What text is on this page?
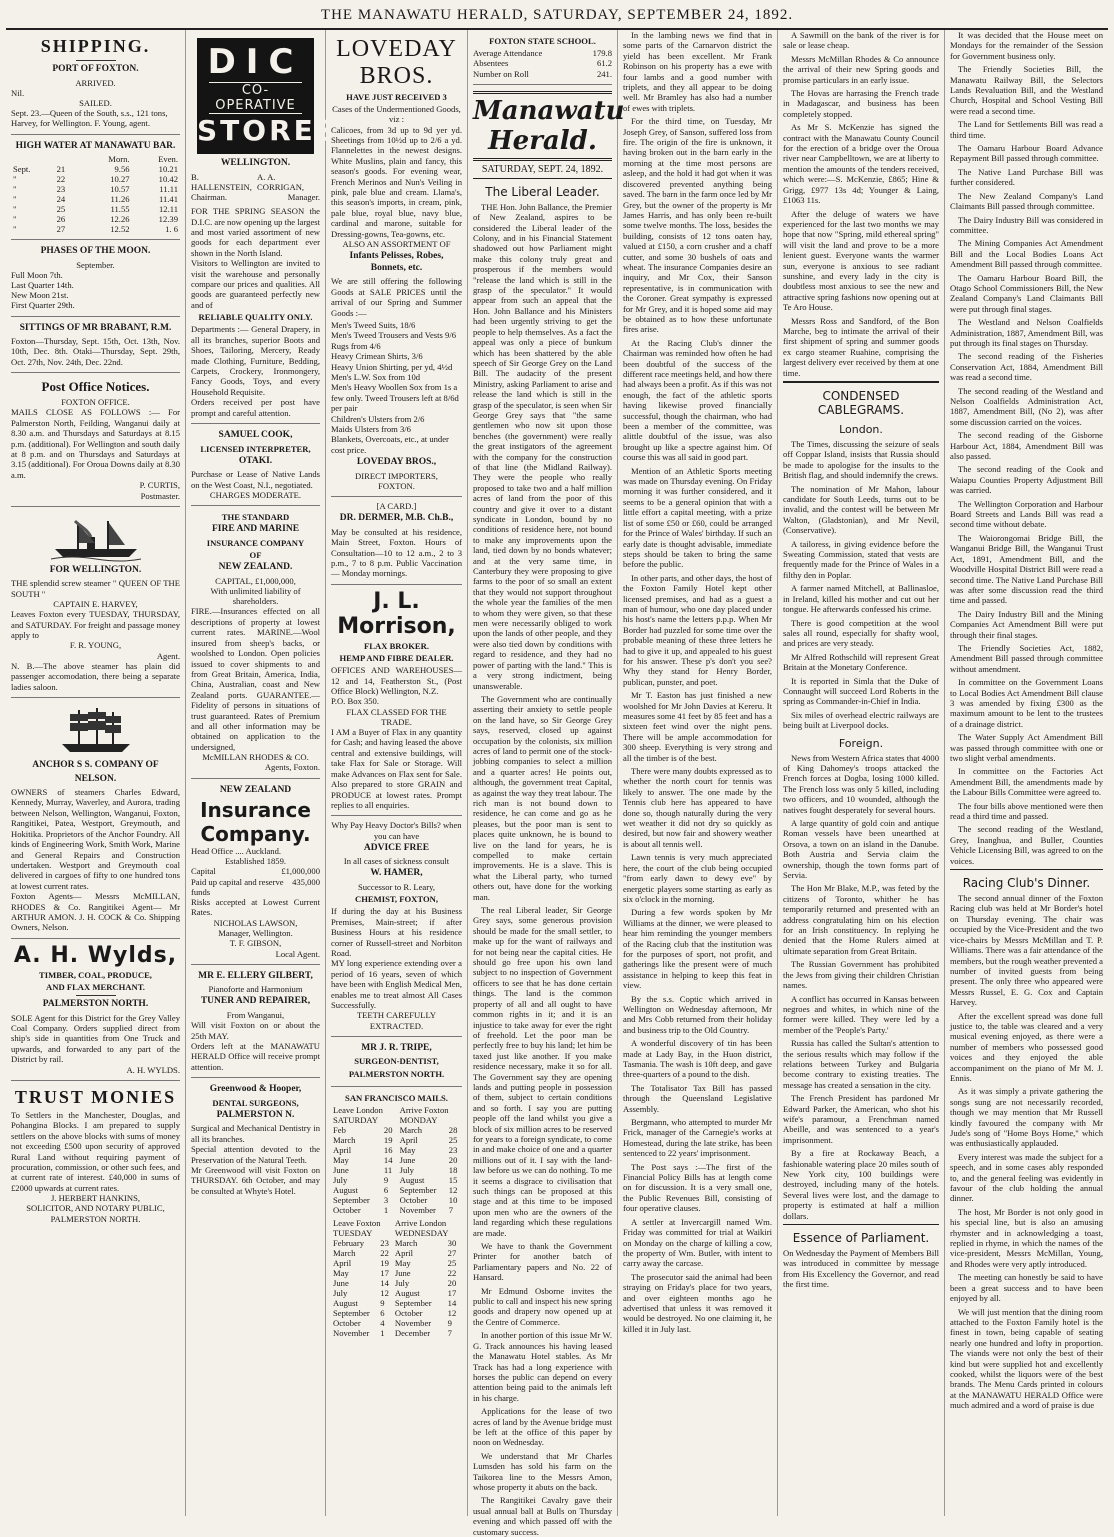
THE MANAWATU HERALD, SATURDAY, SEPTEMBER 24, 1892.
SHIPPING.
PORT OF FOXTON.
ARRIVED.
Nil.
SAILED.
Sept. 23.—Queen of the South, s.s., 121 tons, Harvey, for Wellington. F. Young, agent.
HIGH WATER AT MANAWATU BAR.
		Morn.	Even.
Sept.	21	9.56	10.21
"	22	10.27	10.42
"	23	10.57	11.11
"	24	11.26	11.41
"	25	11.55	12.11
"	26	12.26	12.39
"	27	12.52	1. 6
PHASES OF THE MOON.
September.
Full Moon 7th.
Last Quarter 14th.
New Moon 21st.
First Quarter 29th.
SITTINGS OF MR BRABANT, R.M.
Foxton—Thursday, Sept. 15th, Oct. 13th, Nov. 10th, Dec. 8th. Otaki—Thursday, Sept. 29th, Oct. 27th, Nov. 24th, Dec. 22nd.
Post Office Notices.
FOXTON OFFICE.
MAILS CLOSE AS FOLLOWS :— For Palmerston North, Feilding, Wanganui daily at 8.30 a.m. and Thursdays and Saturdays at 8.15 p.m. (additional). For Wellington and south daily at 8 p.m. and on Thursdays and Saturdays at 3.15 (additional). For Oroua Downs daily at 8.30 a.m.
P. CURTIS,
Postmaster.
FOR WELLINGTON.
THE splendid screw steamer " QUEEN OF THE SOUTH "
CAPTAIN E. HARVEY,
Leaves Foxton every TUESDAY, THURSDAY, and SATURDAY. For freight and passage money apply to
F. R. YOUNG,
Agent.
N. B.—The above steamer has plain did passenger accomodation, there being a separate ladies saloon.
ANCHOR S S. COMPANY OF
NELSON.
OWNERS of steamers Charles Edward, Kennedy, Murray, Waverley, and Aurora, trading between Nelson, Wellington, Wanganui, Foxton, Rangitikei, Patea, Westport, Greymouth, and Hokitika. Proprietors of the Anchor Foundry. All kinds of Engineering Work, Smith Work, Marine and General Repairs and Construction undertaken. Westport and Greymouth coal delivered in cargoes of fifty to one hundred tons at lowest current rates.
Foxton Agents— Messrs McMILLAN, RHODES & Co. Rangitikei Agent— Mr ARTHUR AMON. J. H. COCK & Co. Shipping Owners, Nelson.
A. H. Wylds,
TIMBER, COAL, PRODUCE,
AND FLAX MERCHANT.
PALMERSTON NORTH.
SOLE Agent for this District for the Grey Valley Coal Company. Orders supplied direct from ship's side in quantities from One Truck and upwards, and forwarded to any part of the District by rail.
A. H. WYLDS.
TRUST MONIES
To Settlers in the Manchester, Douglas, and Pohangina Blocks. I am prepared to supply settlers on the above blocks with sums of money not exceeding £500 upon security of approved Rural Land without requiring payment of procuration, commission, or other such fees, and at current rate of interest. £40,000 in sums of £2000 upwards at current rates.
J. HERBERT HANKINS,
SOLICITOR, AND NOTARY PUBLIC, PALMERSTON NORTH.
DIC
CO-OPERATIVE
STORES
WELLINGTON.
B. HALLENSTEIN,
A. A. CORRIGAN,
Chairman.	Manager.
FOR THE SPRING SEASON the D.I.C. are now opening up the largest and most varied assortment of new goods for each department ever shown in the North Island.
Visitors to Wellington are invited to visit the warehouse and personally compare our prices and qualities. All goods are guaranteed perfectly new and of
RELIABLE QUALITY ONLY.
Departments :— General Drapery, in all its branches, superior Boots and Shoes, Tailoring, Mercery, Ready made Clothing, Furniture, Bedding, Carpets, Crockery, Ironmongery, Fancy Goods, Toys, and every Household Requisite.
Orders received per post have prompt and careful attention.
SAMUEL COOK,
LICENSED INTERPRETER,
OTAKI.
Purchase or Lease of Native Lands on the West Coast, N.I., negotiated.
CHARGES MODERATE.
THE STANDARD
FIRE AND MARINE
INSURANCE COMPANY
OF
NEW ZEALAND.
CAPITAL, £1,000,000,
With unlimited liability of shareholders.
FIRE.—Insurances effected on all descriptions of property at lowest current rates. MARINE.—Wool insured from sheep's backs, or woolshed to London. Open policies issued to cover shipments to and from Great Britain, America, India, China, Australian, coast and New Zealand ports. GUARANTEE.—Fidelity of persons in situations of trust guaranteed. Rates of Premium and all other information may be obtained on application to the undersigned,
McMILLAN RHODES & CO.
Agents, Foxton.
NEW ZEALAND
Insurance Company.
Head Office .... Auckland.
Established 1859.
Capital	£1,000,000
Paid up capital and reserve funds
435,000
Risks accepted at Lowest Current Rates.
NICHOLAS LAWSON,
Manager, Wellington.
T. F. GIBSON,
Local Agent.
MR E. ELLERY GILBERT,
Pianoforte and Harmonium
TUNER AND REPAIRER,
From Wanganui,
Will visit Foxton on or about the 25th MAY.
Orders left at the MANAWATU HERALD Office will receive prompt attention.
Greenwood & Hooper,
DENTAL SURGEONS,
PALMERSTON N.
Surgical and Mechanical Dentistry in all its branches.
Special attention devoted to the Preservation of the Natural Teeth.
Mr Greenwood will visit Foxton on THURSDAY. 6th October, and may be consulted at Whyte's Hotel.
LOVEDAY BROS.
HAVE JUST RECEIVED 3
Cases of the Undermentioned Goods, viz :
Calicoes, from 3d up to 9d yer yd. Sheetings from 10½d up to 2/6 a yd. Flannelettes in the newest designs. White Muslins, plain and fancy, this season's goods. For evening wear, French Merinos and Nun's Veiling in pink, pale blue and cream. Llama's, this season's imports, in cream, pink, pale blue, royal blue, navy blue, cardinal and marone, suitable for Dressing-gowns, Tea-gowns, etc.
ALSO AN ASSORTMENT OF
Infants Pelisses, Robes, Bonnets, etc.
We are still offering the following Goods at SALE PRICES until the arrival of our Spring and Summer Goods :—
Men's Tweed Suits, 18/6
Men's Tweed Trousers and Vests 9/6
Rugs from 4/6
Heavy Crimean Shirts, 3/6
Heavy Union Shirting, per yd, 4½d
Men's L.W. Sox from 10d
Men's Heavy Woollen Sox from 1s a few only. Tweed Trousers left at 8/6d per pair
Children's Ulsters from 2/6
Maids Ulsters from 3/6
Blankets, Overcoats, etc., at under cost price.
LOVEDAY BROS.,
DIRECT IMPORTERS,
FOXTON.
[A CARD.]
DR. DERMER, M.B. Ch.B.,
May be consulted at his residence, Main Street, Foxton. Hours of Consultation—10 to 12 a.m., 2 to 3 p.m., 7 to 8 p.m. Public Vaccination — Monday mornings.
J. L. Morrison,
FLAX BROKER.
HEMP AND FIBRE DEALER.
OFFICES AND WAREHOUSES— 12 and 14, Featherston St., (Post Office Block) Wellington, N.Z.
P.O. Box 350.
FLAX CLASSED FOR THE TRADE.
I AM a Buyer of Flax in any quantity for Cash; and having leased the above central and extensive buildings, will take Flax for Sale or Storage. Will make Advances on Flax sent for Sale. Also prepared to store GRAIN and PRODUCE at lowest rates. Prompt replies to all enquiries.
Why Pay Heavy Doctor's Bills? when you can have
ADVICE FREE
In all cases of sickness consult
W. HAMER,
Successor to R. Leary,
CHEMIST, FOXTON,
If during the day at his Business Premises, Main-street; if after Business Hours at his residence corner of Russell-street and Norbiton Road.
MY long experience extending over a period of 16 years, seven of which have been with English Medical Men, enables me to treat almost All Cases Successfully.
TEETH CAREFULLY EXTRACTED.
MR J. R. TRIPE,
SURGEON-DENTIST,
PALMERSTON NORTH.
SAN FRANCISCO MAILS.
Leave London SATURDAY		Arrive Foxton MONDAY	
Feb	20	March	28
March	19	April	25
April	16	May	23
May	14	June	20
June	11	July	18
July	9	August	15
August	6	September	12
September	3	October	10
October	1	November	7
Leave Foxton TUESDAY		Arrive London WEDNESDAY	
February	23	March	30
March	22	April	27
April	19	May	25
May	17	June	22
June	14	July	20
July	12	August	17
August	9	September	14
September	6	October	12
October	4	November	9
November	1	December	7
FOXTON STATE SCHOOL.
Average Attendance	179.8
Absentees	61.2
Number on Roll	241.
Manawatu Herald.
SATURDAY, SEPT. 24, 1892.
The Liberal Leader.

THE Hon. John Ballance, the Premier of New Zealand, aspires to be considered the Liberal leader of the Colony, and in his Financial Statement shadowed out how Parliament might make this colony truly great and prosperous if the members would "release the land which is still in the grasp of the speculator." It would appear from such an appeal that the Hon. John Ballance and his Ministers had been urgently striving to get the people to help themselves. As a fact the appeal was only a piece of bunkum which has been shattered by the able speech of Sir George Grey on the Land Bill. The audacity of the present Ministry, asking Parliament to arise and release the land which is still in the grasp of the speculator, is seen when Sir George Grey says that "the same gentlemen who now sit upon those benches (the government) were really the great instigators of the agreement with the company for the construction of that line (the Midland Railway). They were the people who really proposed to take two and a half million acres of land from the poor of this country and give it over to a distant syndicate in London, bound by no conditions of residence here, not bound to make any improvements upon the land, tied down by no bonds whatever; and at the very same time, in Canterbury they were proposing to give farms to the poor of so small an extent that they would not support throughout the whole year the families of the men to whom they were given, so that these men were necessarily obliged to work upon the lands of other people, and they were also tied down by conditions with regard to residence, and they had no power of parting with the land." This is a very strong indictment, being unanswerable.

The Government who are continually asserting their anxiety to settle people on the land have, so Sir George Grey says, reserved, closed up against occupation by the colonists, six million acres of land to permit one of the stock-jobbing companies to select a million and a quarter acres! He points out, although, the government treat Capital, as against the way they treat labour. The rich man is not bound down to residence, he can come and go as he pleases, but the poor man is sent to places quite unknown, he is bound to live on the land for years, he is compelled to make certain improvements. He is a slave. This is what the Liberal party, who turned others out, have done for the working man.

The real Liberal leader, Sir George Grey says, some generous provision should be made for the small settler, to make up for the want of railways and for not being near the capital cities. He should go free upon his own land subject to no inspection of Government officers to see that he has done certain things. The land is the common property of all and all ought to have common rights in it; and it is an injustice to take away for ever the right of freehold. Let the poor man be perfectly free to buy his land; let him be taxed just like another. If you make residence necessary, make it so for all. The Government say they are opening lands and putting people in possession of them, subject to certain conditions and so forth. I say you are putting people off the land whilst you give a block of six million acres to be reserved for years to a foreign syndicate, to come in and make choice of one and a quarter millions out of it. I say with the land-law before us we can do nothing. To me it seems a disgrace to civilisation that such things can be proposed at this stage and at this time to be imposed upon men who are the owners of the land regarding which these regulations are made.

We have to thank the Government Printer for another batch of Parliamentary papers and No. 22 of Hansard.

Mr Edmund Osborne invites the public to call and inspect his new spring goods and drapery now opened up at the Centre of Commerce.

In another portion of this issue Mr W. G. Track announces his having leased the Manawatu Hotel stables. As Mr Track has had a long experience with horses the public can depend on every attention being paid to the animals left in his charge.

Applications for the lease of two acres of land by the Avenue bridge must be left at the office of this paper by noon on Wednesday.

We understand that Mr Charles Lumsden has sold his farm on the Taikorea line to the Messrs Amon, whose property it abuts on the back.

The Rangitikei Cavalry gave their usual annual ball at Bulls on Thursday evening and which passed off with the customary success.

In the lambing news we find that in some parts of the Carnarvon district the yield has been excellent. Mr Frank Robinson on his property has a ewe with four lambs and a good number with triplets, and they all appear to be doing well. Mr Bramley has also had a number of ewes with triplets.

For the third time, on Tuesday, Mr Joseph Grey, of Sanson, suffered loss from fire. The origin of the fire is unknown, it having broken out in the barn early in the morning at the time most persons are asleep, and the hold it had got when it was discovered prevented anything being saved. The barn in the farm once led by Mr Grey, but the owner of the property is Mr James Harris, and has only been re-built some twelve months. The loss, besides the building, consists of 12 tons oaten hay, valued at £150, a corn crusher and a chaff cutter, and some 30 bushels of oats and wheat. The insurance Companies desire an inquiry, and Mr Cox, their Sanson representative, is in communication with the Coroner. Great sympathy is expressed for Mr Grey, and it is hoped some aid may be obtained as to how these unfortunate fires arise.

At the Racing Club's dinner the Chairman was reminded how often he had been doubtful of the success of the different race meetings held, and how there had always been a profit. As if this was not enough, the fact of the athletic sports having likewise proved financially successful, though the chairman, who had been a member of the committee, was alittle doubtful of the issue, was also brought up like a spectre against him. Of course this was all said in good part.

Mention of an Athletic Sports meeting was made on Thursday evening. On Friday morning it was further considered, and it seems to be a general opinion that with a little effort a capital meeting, with a prize list of some £50 or £60, could be arranged for the Prince of Wales' birthday. If such an early date is thought advisable, immediate steps should be taken to bring the same before the public.

In other parts, and other days, the host of the Foxton Family Hotel kept other licensed premises, and had as a guest a man of humour, who one day placed under his host's name the letters p.p.p. When Mr Border had puzzled for some time over the probable meaning of these three letters he had to give it up, and appealed to his guest for his answer. These p's don't you see? Why they stand for Henry Border, publican, punster, and poet.

Mr T. Easton has just finished a new woolshed for Mr John Davies at Kereru. It measures some 41 feet by 85 feet and has a sixteen feet wind over the night pens. There will be ample accommodation for 300 sheep. Everything is very strong and all the timber is of the best.

There were many doubts expressed as to whether the north court for tennis was likely to answer. The one made by the Tennis club here has appeared to have done so, though naturally during the very wet weather it did not dry so quickly as desired, but now fair and showery weather is about all tennis well.

Lawn tennis is very much appreciated here, the court of the club being occupied "from early dawn to dewy eve" by energetic players some starting as early as six o'clock in the morning.

During a few words spoken by Mr Williams at the dinner, we were pleased to hear him reminding the younger members of the Racing club that the institution was for the purposes of sport, not profit, and gatherings like the present were of much assistance in helping to keep this feat in view.

By the s.s. Coptic which arrived in Wellington on Wednesday afternoon, Mr and Mrs Cobb returned from their holiday and business trip to the Old Country.

A wonderful discovery of tin has been made at Lady Bay, in the Huon district, Tasmania. The wash is 10ft deep, and gave three-quarters of a pound to the dish.

The Totalisator Tax Bill has passed through the Queensland Legislative Assembly.

Bergmann, who attempted to murder Mr Frick, manager of the Carnegie's works at Homestead, during the late strike, has been sentenced to 22 years' imprisonment.

The Post says :—The first of the Financial Policy Bills has at length come on for discussion. It is a very small one, the Public Revenues Bill, consisting of four operative clauses.

A settler at Invercargill named Wm. Friday was committed for trial at Waikiri on Monday on the charge of killing a cow, the property of Wm. Butler, with intent to carry away the carcase.

The prosecutor said the animal had been straying on Friday's place for two years, and over eighteen months ago he advertised that unless it was removed it would be destroyed. No one claiming it, he killed it in July last.

A Sawmill on the bank of the river is for sale or lease cheap.

Messrs McMillan Rhodes & Co announce the arrival of their new Spring goods and promise particulars in an early issue.

The Hovas are harrasing the French trade in Madagascar, and business has been completely stopped.

As Mr S. McKenzie has signed the contract with the Manawatu County Council for the erection of a bridge over the Oroua river near Campbelltown, we are at liberty to mention the amounts of the tenders received, which were:—S. McKenzie, £865; Hine & Grigg, £977 13s 4d; Younger & Laing, £1063 11s.

After the deluge of waters we have experienced for the last two months we may hope that now "Spring, mild ethereal spring" will visit the land and prove to be a more lenient guest. Everyone wants the warmer sun, everyone is anxious to see radiant sunshine, and every lady in the city is doubtless most anxious to see the new and attractive spring fashions now opening out at Te Aro House.

Messrs Ross and Sandford, of the Bon Marche, beg to intimate the arrival of their first shipment of spring and summer goods ex cargo steamer Ruahine, comprising the largest delivery ever received by them at one time.

CONDENSED CABLEGRAMS.
London.

The Times, discussing the seizure of seals off Coppar Island, insists that Russia should be made to apologise for the insults to the British flag, and should indemnify the crews.

The nomination of Mr Mahon, labour candidate for South Leeds, turns out to be invalid, and the contest will be between Mr Walton, (Gladstonian), and Mr Nevil, (Conservative).

A tailoress, in giving evidence before the Sweating Commission, stated that vests are frequently made for the Prince of Wales in a filthy den in Poplar.

A farmer named Mitchell, at Ballinasloe, in Ireland, killed his mother and cut out her tongue. He afterwards confessed his crime.

There is good competition at the wool sales all round, especially for shafty wool, and prices are very steady.

Mr Alfred Rothschild will represent Great Britain at the Monetary Conference.

It is reported in Simla that the Duke of Connaught will succeed Lord Roberts in the spring as Commander-in-Chief in India.

Six miles of overhead electric railways are being built at Liverpool docks.

Foreign.

News from Western Africa states that 4000 of King Dahomey's troops attacked the French forces at Dogba, losing 1000 killed. The French loss was only 5 killed, including two officers, and 10 wounded, although the natives fought desperately for several hours.

A large quantity of gold coin and antique Roman vessels have been unearthed at Orsova, a town on an island in the Danube. Both Austria and Servia claim the ownership, though the town forms part of Servia.

The Hon Mr Blake, M.P., was feted by the citizens of Toronto, whither he has temporarily returned and presented with an address congratulating him on his election for an Irish constituency. In replying he denied that the Home Rulers aimed at ultimate separation from Great Britain.

The Russian Government has prohibited the Jews from giving their children Christian names.

A conflict has occurred in Kansas between negroes and whites, in which nine of the former were killed. They were led by a member of the 'People's Party.'

Russia has called the Sultan's attention to the serious results which may follow if the relations between Turkey and Bulgaria become contrary to existing treaties. The message has created a sensation in the city.

The French President has pardoned Mr Edward Parker, the American, who shot his wife's paramour, a Frenchman named Abeille, and was sentenced to a year's imprisonment.

By a fire at Rockaway Beach, a fashionable watering place 20 miles south of New York city, 100 buildings were destroyed, including many of the hotels. Several lives were lost, and the damage to property is estimated at half a million dollars.

Essence of Parliament.
On Wednesday the Payment of Members Bill was introduced in committee by message from His Excellency the Governor, and read the first time.

It was decided that the House meet on Mondays for the remainder of the Session for Government business only.

The Friendly Societies Bill, the Manawatu Railway Bill, the Selectors Lands Revaluation Bill, and the Westland Church, Hospital and School Vesting Bill were read a second time.

The Land for Settlements Bill was read a third time.

The Oamaru Harbour Board Advance Repayment Bill passed through committee.

The Native Land Purchase Bill was further considered.

The New Zealand Company's Land Claimants Bill passed through committee.

The Dairy Industry Bill was considered in committee.

The Mining Companies Act Amendment Bill and the Local Bodies Loans Act Amendment Bill passed through committee.

The Oamaru Harbour Board Bill, the Otago School Commissioners Bill, the New Zealand Company's Land Claimants Bill were put through final stages.

The Westland and Nelson Coalfields Administration, 1887, Amendment Bill, was put through its final stages on Thursday.

The second reading of the Fisheries Conservation Act, 1884, Amendment Bill was read a second time.

The second reading of the Westland and Nelson Coalfields Administration Act, 1887, Amendment Bill, (No 2), was after some discussion carried on the voices.

The second reading of the Gisborne Harbour Act, 1884, Amendment Bill was also passed.

The second reading of the Cook and Waiapu Counties Property Adjustment Bill was carried.

The Wellington Corporation and Harbour Board Streets and Lands Bill was read a second time without debate.

The Waiorongomai Bridge Bill, the Wanganui Bridge Bill, the Wanganui Trust Act, 1891, Amendment Bill, and the Woodville Hospital District Bill were read a second time. The Native Land Purchase Bill was after some discussion read the third time and passed.

The Dairy Industry Bill and the Mining Companies Act Amendment Bill were put through their final stages.

The Friendly Societies Act, 1882, Amendment Bill passed through committee without amendment.

In committee on the Government Loans to Local Bodies Act Amendment Bill clause 3 was amended by fixing £300 as the maximum amount to be lent to the trustees of a drainage district.

The Water Supply Act Amendment Bill was passed through committee with one or two slight verbal amendments.

In committee on the Factories Act Amendment Bill, the amendments made by the Labour Bills Committee were agreed to.

The four bills above mentioned were then read a third time and passed.

The second reading of the Westland, Grey, Inanghua, and Buller, Counties Vehicle Licensing Bill, was agreed to on the voices.

Racing Club's Dinner.

The second annual dinner of the Foxton Racing club was held at Mr Border's hotel on Thursday evening. The chair was occupied by the Vice-President and the two vice-chairs by Messrs McMillan and T. P. Williams. There was a fair attendance of the members, but the rough weather prevented a number of invited guests from being present. The only three who appeared were Messrs Russel, E. G. Cox and Captain Harvey.

After the excellent spread was done full justice to, the table was cleared and a very musical evening enjoyed, as there were a number of members who possessed good voices and they enjoyed the able accompaniment on the piano of Mr M. J. Ennis.

As it was simply a private gathering the songs sung are not necessarily recorded, though we may mention that Mr Russell kindly favoured the company with Mr Jude's song of "Home Boys Home," which was enthusiastically applauded.

Every interest was made the subject for a speech, and in some cases ably responded to, and the general feeling was evidently in favour of the club holding the annual dinner.

The host, Mr Border is not only good in his special line, but is also an amusing rhymster and in acknowledging a toast, replied in rhyme, in which the names of the vice-president, Messrs McMillan, Young, and Rhodes were very aptly introduced.

The meeting can honestly be said to have been a great success and to have been enjoyed by all.

We will just mention that the dining room attached to the Foxton Family hotel is the finest in town, being capable of seating nearly one hundred and lofty in proportion. The viands were not only the best of their kind but were supplied hot and excellently cooked, whilst the liquors were of the best brands. The Menu Cards printed in colours at the MANAWATU HERALD Office were much admired and a word of praise is due
